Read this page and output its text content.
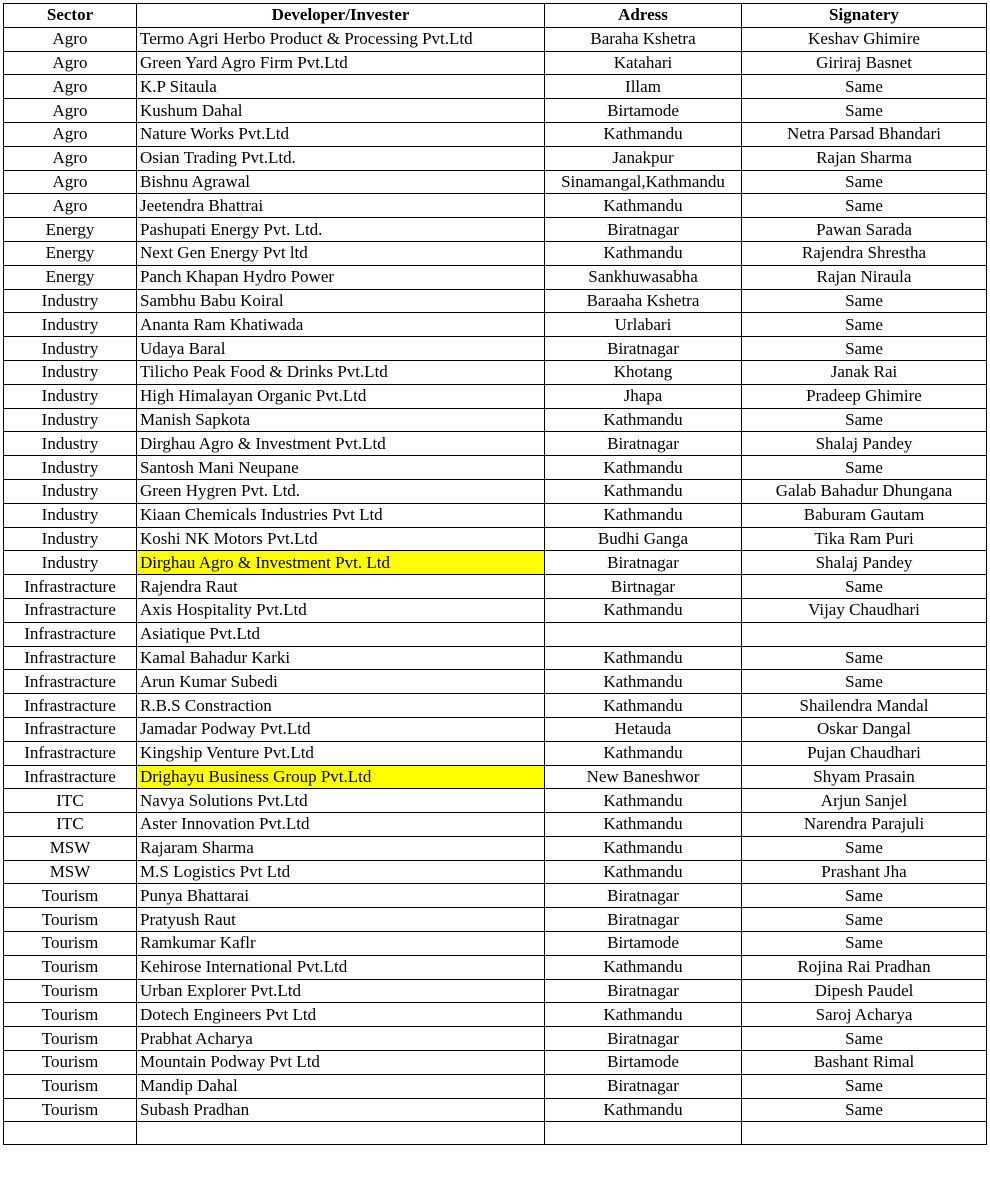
Sector	Developer/Invester	Adress	Signatery
Agro	Termo Agri Herbo Product & Processing Pvt.Ltd	Baraha Kshetra	Keshav Ghimire
Agro	Green Yard Agro Firm Pvt.Ltd	Katahari	Giriraj Basnet
Agro	K.P Sitaula	Illam	Same
Agro	Kushum Dahal	Birtamode	Same
Agro	Nature Works Pvt.Ltd	Kathmandu	Netra Parsad Bhandari
Agro	Osian Trading Pvt.Ltd.	Janakpur	Rajan Sharma
Agro	Bishnu Agrawal	Sinamangal,Kathmandu	Same
Agro	Jeetendra Bhattrai	Kathmandu	Same
Energy	Pashupati Energy Pvt. Ltd.	Biratnagar	Pawan Sarada
Energy	Next Gen Energy Pvt ltd	Kathmandu	Rajendra Shrestha
Energy	Panch Khapan Hydro Power	Sankhuwasabha	Rajan Niraula
Industry	Sambhu Babu Koiral	Baraaha Kshetra	Same
Industry	Ananta Ram Khatiwada	Urlabari	Same
Industry	Udaya Baral	Biratnagar	Same
Industry	Tilicho Peak Food & Drinks Pvt.Ltd	Khotang	Janak Rai
Industry	High Himalayan Organic Pvt.Ltd	Jhapa	Pradeep Ghimire
Industry	Manish Sapkota	Kathmandu	Same
Industry	Dirghau Agro & Investment Pvt.Ltd	Biratnagar	Shalaj Pandey
Industry	Santosh Mani Neupane	Kathmandu	Same
Industry	Green Hygren Pvt. Ltd.	Kathmandu	Galab Bahadur Dhungana
Industry	Kiaan Chemicals Industries Pvt Ltd	Kathmandu	Baburam Gautam
Industry	Koshi NK Motors Pvt.Ltd	Budhi Ganga	Tika Ram Puri
Industry	Dirghau Agro & Investment Pvt. Ltd	Biratnagar	Shalaj Pandey
Infrastracture	Rajendra Raut	Birtnagar	Same
Infrastracture	Axis Hospitality Pvt.Ltd	Kathmandu	Vijay Chaudhari
Infrastracture	Asiatique Pvt.Ltd		
Infrastracture	Kamal Bahadur Karki	Kathmandu	Same
Infrastracture	Arun Kumar Subedi	Kathmandu	Same
Infrastracture	R.B.S Constraction	Kathmandu	Shailendra Mandal
Infrastracture	Jamadar Podway Pvt.Ltd	Hetauda	Oskar Dangal
Infrastracture	Kingship Venture Pvt.Ltd	Kathmandu	Pujan Chaudhari
Infrastracture	Drighayu Business Group Pvt.Ltd	New Baneshwor	Shyam Prasain
ITC	Navya Solutions Pvt.Ltd	Kathmandu	Arjun Sanjel
ITC	Aster Innovation Pvt.Ltd	Kathmandu	Narendra Parajuli
MSW	Rajaram Sharma	Kathmandu	Same
MSW	M.S Logistics Pvt Ltd	Kathmandu	Prashant Jha
Tourism	Punya Bhattarai	Biratnagar	Same
Tourism	Pratyush Raut	Biratnagar	Same
Tourism	Ramkumar Kaflr	Birtamode	Same
Tourism	Kehirose International Pvt.Ltd	Kathmandu	Rojina Rai Pradhan
Tourism	Urban Explorer Pvt.Ltd	Biratnagar	Dipesh Paudel
Tourism	Dotech Engineers Pvt Ltd	Kathmandu	Saroj Acharya
Tourism	Prabhat Acharya	Biratnagar	Same
Tourism	Mountain Podway Pvt Ltd	Birtamode	Bashant Rimal
Tourism	Mandip Dahal	Biratnagar	Same
Tourism	Subash Pradhan	Kathmandu	Same
